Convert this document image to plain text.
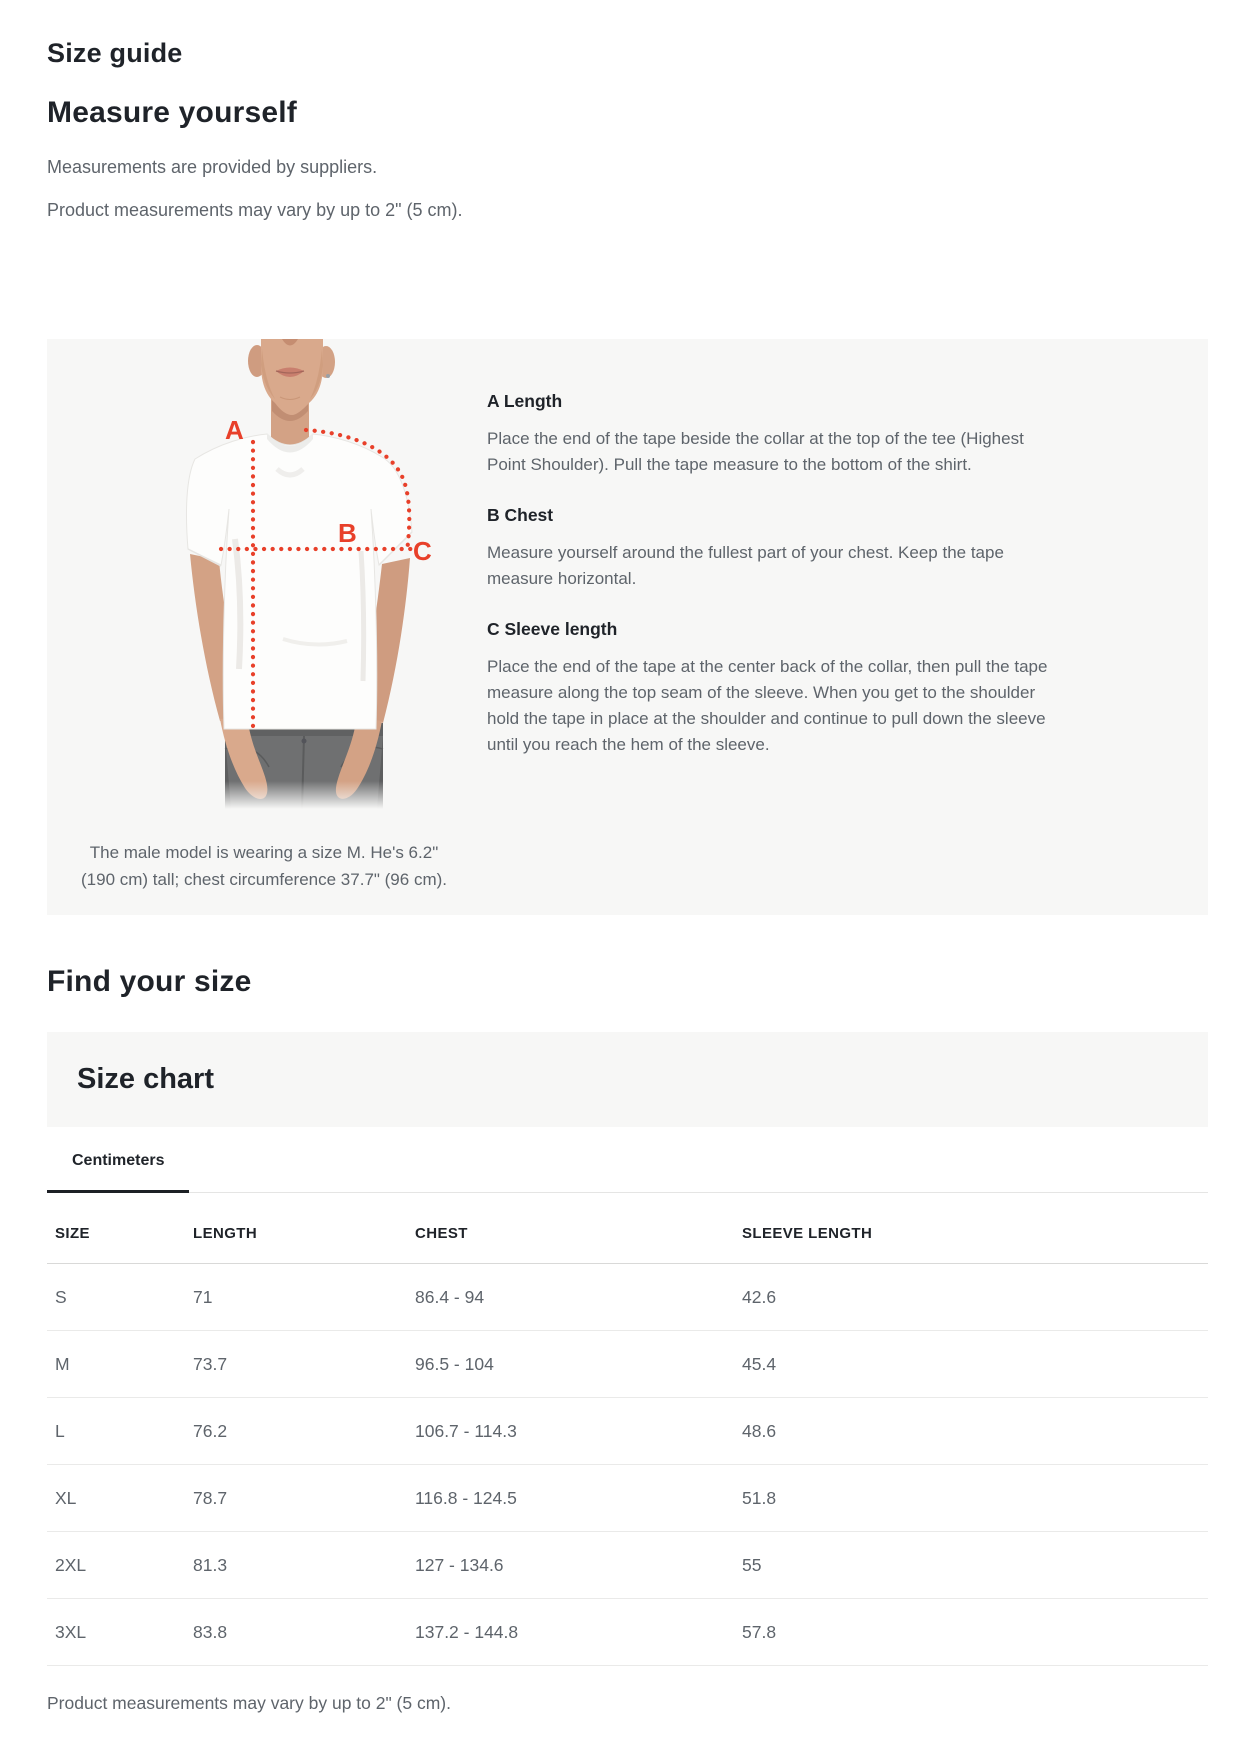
Size guide
Measure yourself

Measurements are provided by suppliers.

Product measurements may vary by up to 2" (5 cm).

A
B
C

The male model is wearing a size M. He's 6.2" (190 cm) tall; chest circumference 37.7" (96 cm).

A Length

Place the end of the tape beside the collar at the top of the tee (Highest Point Shoulder). Pull the tape measure to the bottom of the shirt.

B Chest

Measure yourself around the fullest part of your chest. Keep the tape measure horizontal.

C Sleeve length

Place the end of the tape at the center back of the collar, then pull the tape measure along the top seam of the sleeve. When you get to the shoulder hold the tape in place at the shoulder and continue to pull down the sleeve until you reach the hem of the sleeve.

Find your size
Size chart
Centimeters
SIZE	LENGTH	CHEST	SLEEVE LENGTH
S	71	86.4 - 94	42.6
M	73.7	96.5 - 104	45.4
L	76.2	106.7 - 114.3	48.6
XL	78.7	116.8 - 124.5	51.8
2XL	81.3	127 - 134.6	55
3XL	83.8	137.2 - 144.8	57.8

Product measurements may vary by up to 2" (5 cm).
